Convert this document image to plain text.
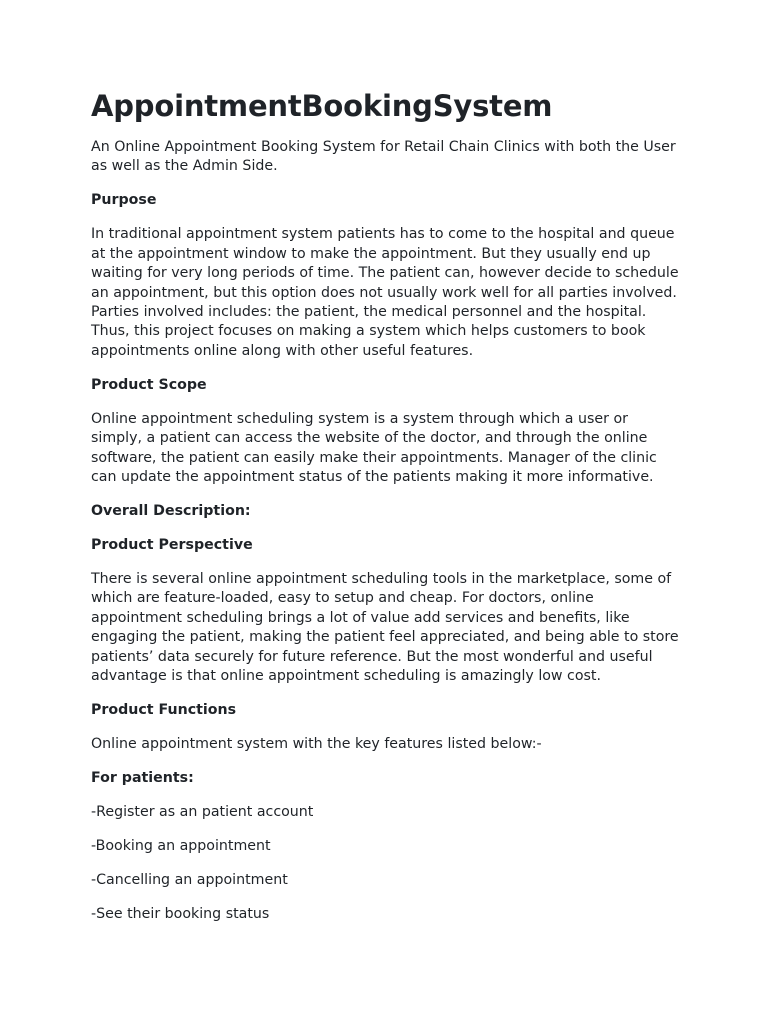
AppointmentBookingSystem

An Online Appointment Booking System for Retail Chain Clinics with both the User as well as the Admin Side.

Purpose

In traditional appointment system patients has to come to the hospital and queue at the appointment window to make the appointment. But they usually end up waiting for very long periods of time. The patient can, however decide to schedule an appointment, but this option does not usually work well for all parties involved. Parties involved includes: the patient, the medical personnel and the hospital. Thus, this project focuses on making a system which helps customers to book appointments online along with other useful features.

Product Scope

Online appointment scheduling system is a system through which a user or simply, a patient can access the website of the doctor, and through the online software, the patient can easily make their appointments. Manager of the clinic can update the appointment status of the patients making it more informative.

Overall Description:

Product Perspective

There is several online appointment scheduling tools in the marketplace, some of which are feature-loaded, easy to setup and cheap. For doctors, online appointment scheduling brings a lot of value add services and benefits, like engaging the patient, making the patient feel appreciated, and being able to store patients’ data securely for future reference. But the most wonderful and useful advantage is that online appointment scheduling is amazingly low cost.

Product Functions

Online appointment system with the key features listed below:-

For patients:

-Register as an patient account

-Booking an appointment

-Cancelling an appointment

-See their booking status
